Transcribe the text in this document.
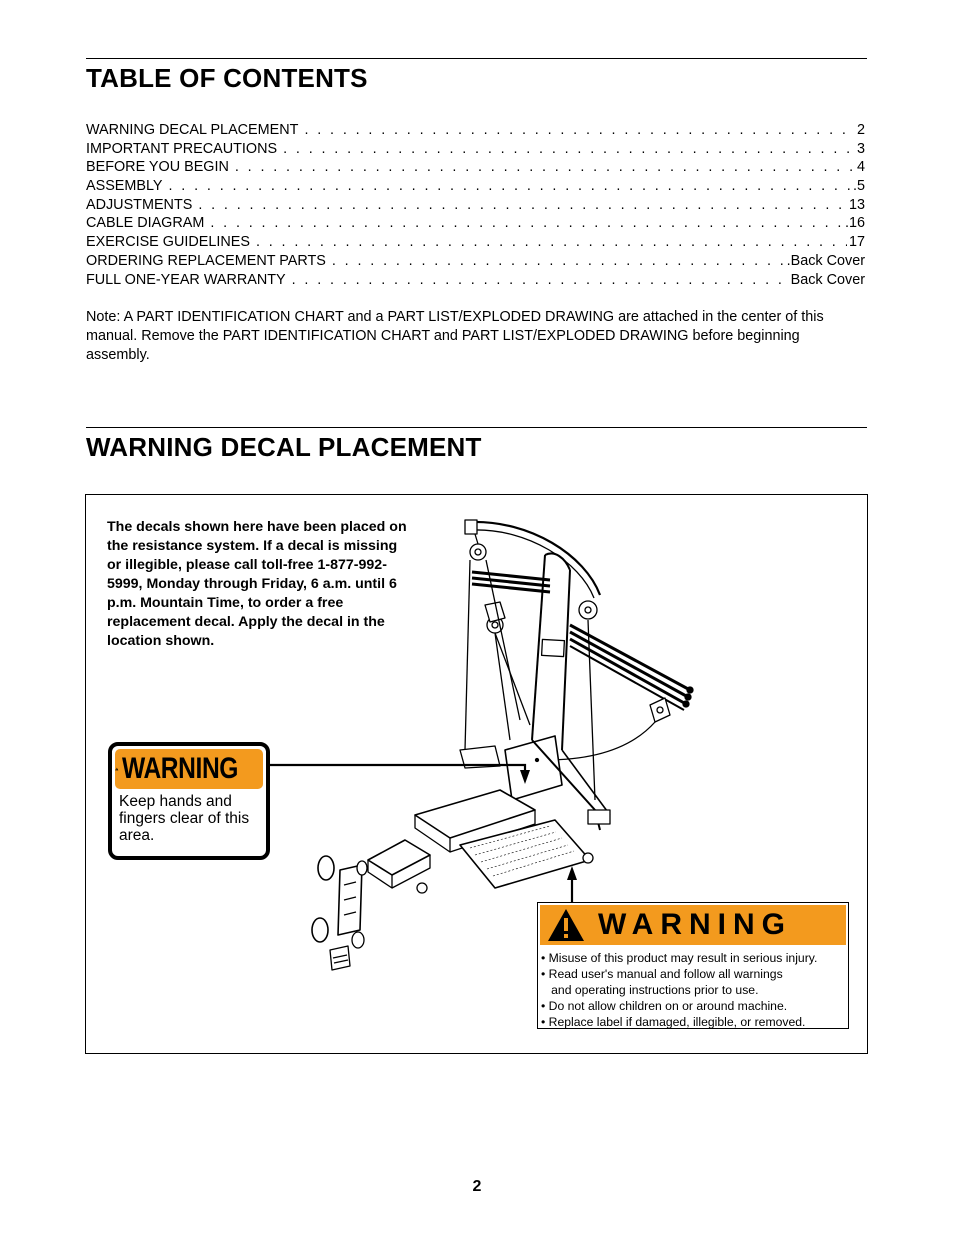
TABLE OF CONTENTS
WARNING DECAL PLACEMENT . . .	2
IMPORTANT PRECAUTIONS . . .	3
BEFORE YOU BEGIN . . .	4
ASSEMBLY . . .	.5
ADJUSTMENTS . . .	13
CABLE DIAGRAM . . .	.16
EXERCISE GUIDELINES . . .	17
ORDERING REPLACEMENT PARTS . . .	.Back Cover
FULL ONE-YEAR WARRANTY . . .	Back Cover

Note: A PART IDENTIFICATION CHART and a PART LIST/EXPLODED DRAWING are attached in the center of this manual. Remove the PART IDENTIFICATION CHART and PART LIST/EXPLODED DRAWING before beginning assembly.

WARNING DECAL PLACEMENT

The decals shown here have been placed on the resistance system. If a decal is missing or illegible, please call toll-free 1-877-992-5999, Monday through Friday, 6 a.m. until 6 p.m. Mountain Time, to order a free replacement decal. Apply the decal in the location shown.

WARNING
Keep hands and fingers clear of this area.
WARNING
• Misuse of this product may result in serious injury.
• Read user's manual and follow all warnings
and operating instructions prior to use.
• Do not allow children on or around machine.
• Replace label if damaged, illegible, or removed.

2
